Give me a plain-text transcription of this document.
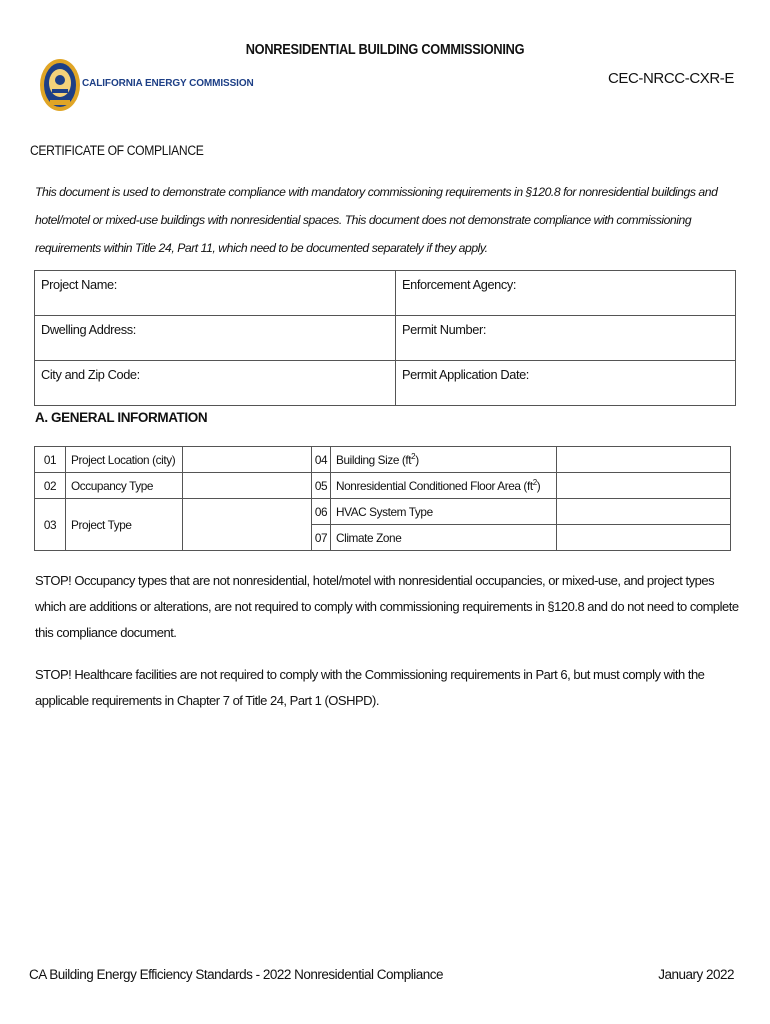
NONRESIDENTIAL BUILDING COMMISSIONING
CALIFORNIA ENERGY COMMISSION	CEC-NRCC-CXR-E
CERTIFICATE OF COMPLIANCE
This document is used to demonstrate compliance with mandatory commissioning requirements in §120.8 for nonresidential buildings and hotel/motel or mixed-use buildings with nonresidential spaces. This document does not demonstrate compliance with commissioning requirements within Title 24, Part 11, which need to be documented separately if they apply.
Project Name:	Enforcement Agency:
Dwelling Address:	Permit Number:
City and Zip Code:	Permit Application Date:
A. GENERAL INFORMATION
01	Project Location (city)		04	Building Size $(ft^2)$	
02	Occupancy Type		05	Nonresidential Conditioned Floor Area $(ft^2)$	
03	Project Type		06	HVAC System Type	
			07	Climate Zone	
STOP! Occupancy types that are not nonresidential, hotel/motel with nonresidential occupancies, or mixed-use, and project types which are additions or alterations, are not required to comply with commissioning requirements in §120.8 and do not need to complete this compliance document.
STOP! Healthcare facilities are not required to comply with the Commissioning requirements in Part 6, but must comply with the applicable requirements in Chapter 7 of Title 24, Part 1 (OSHPD).
CA Building Energy Efficiency Standards - 2022 Nonresidential Compliance	January 2022
